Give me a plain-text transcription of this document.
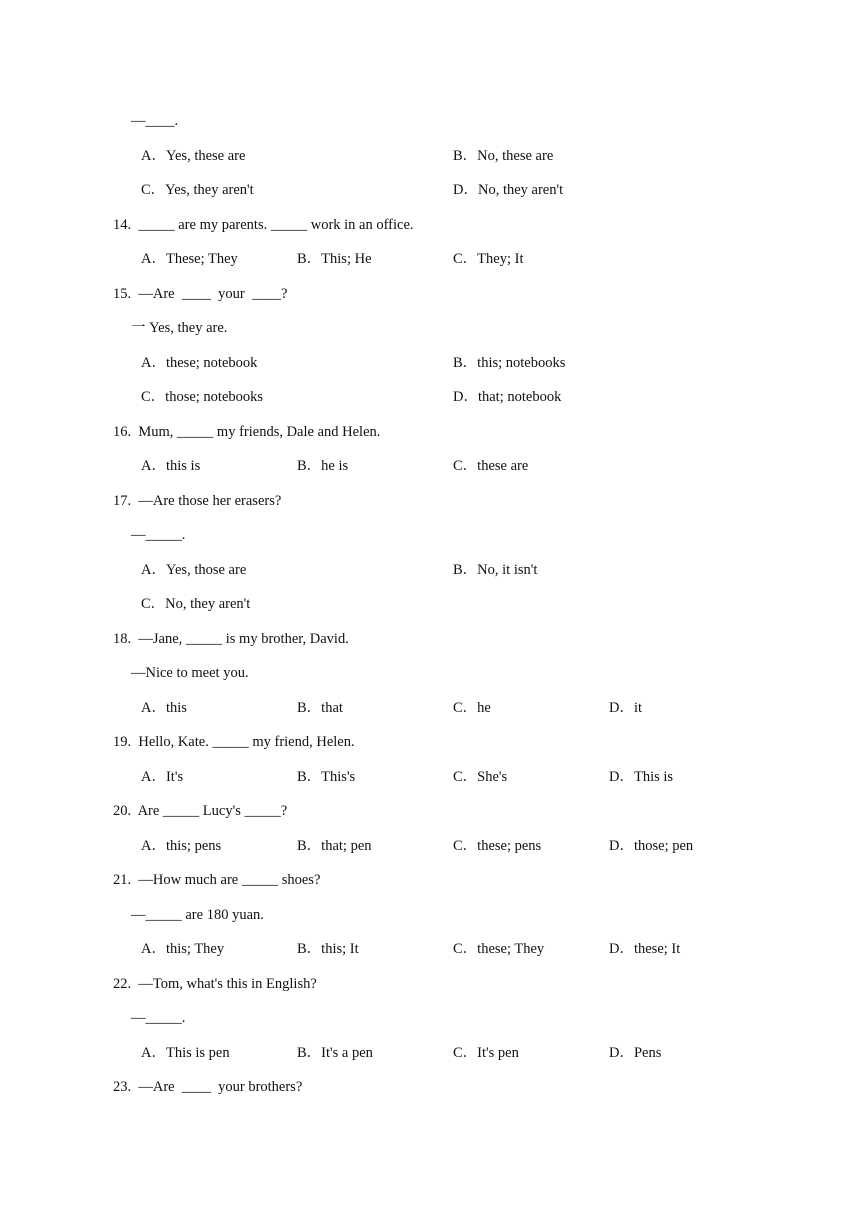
—____.
A．Yes, these are	B．No, these are
C．Yes, they aren't	D．No, they aren't
14.  _____ are my parents. _____ work in an office.
A．These; They	B．This; He	C．They; It
15.  —Are  ____  your  ____?
一 Yes, they are.
A．these; notebook	B．this; notebooks
C．those; notebooks	D．that; notebook
16.  Mum, _____ my friends, Dale and Helen.
A．this is	B．he is	C．these are
17.  —Are those her erasers?
—_____.
A．Yes, those are	B．No, it isn't
C．No, they aren't
18.  —Jane, _____ is my brother, David.
—Nice to meet you.
A．this	B．that	C．he	D．it
19.  Hello, Kate. _____ my friend, Helen.
A．It's	B．This's	C．She's	D．This is
20.  Are _____ Lucy's _____?
A．this; pens	B．that; pen	C．these; pens	D．those; pen
21.  —How much are _____ shoes?
—_____ are 180 yuan.
A．this; They	B．this; It	C．these; They	D．these; It
22.  —Tom, what's this in English?
—_____.
A．This is pen	B．It's a pen	C．It's pen	D．Pens
23.  —Are  ____  your brothers?
